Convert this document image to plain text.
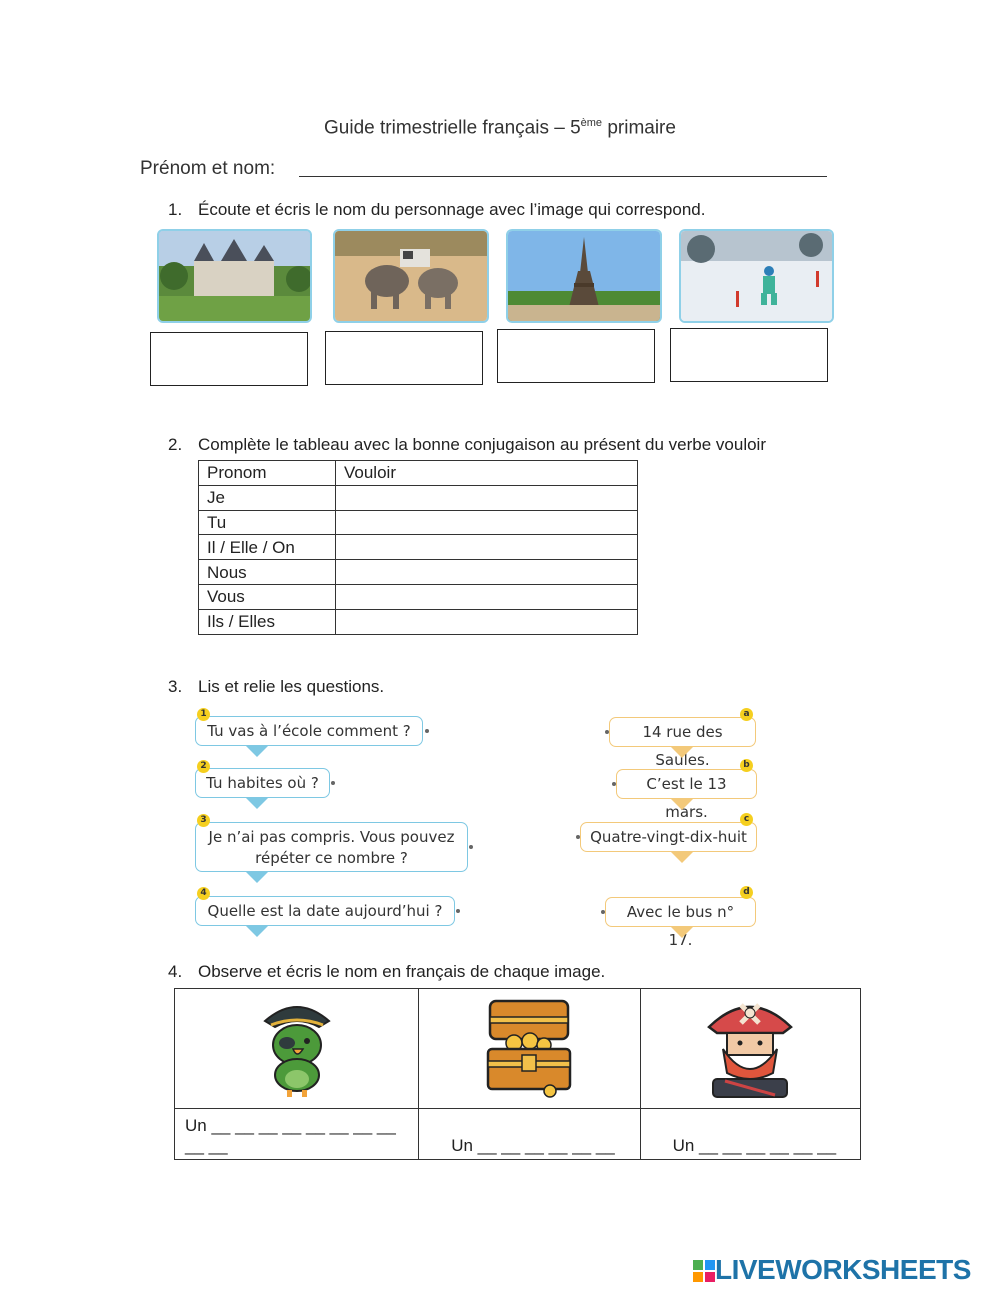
Guide trimestrielle français – 5ème primaire
Prénom et nom:
1. Écoute et écris le nom du personnage avec l’image qui correspond.
2. Complète le tableau avec la bonne conjugaison au présent du verbe vouloir
Pronom	Vouloir
Je	
Tu	
Il / Elle / On	
Nous	
Vous	
Ils / Elles	
3. Lis et relie les questions.
Tu vas à l’école comment ?
1
Tu habites où ?
2
Je n’ai pas compris. Vous pouvez répéter ce nombre ?
3
Quelle est la date aujourd’hui ?
4
14 rue des Saules.
a
C’est le 13 mars.
b
Quatre-vingt-dix-huit
c
Avec le bus n° 17.
d
4. Observe et écris le nom en français de chaque image.

Un __ __ __ __ __ __ __ __ __ __	Un __ __ __ __ __ __	Un __ __ __ __ __ __
LIVEWORKSHEETS
